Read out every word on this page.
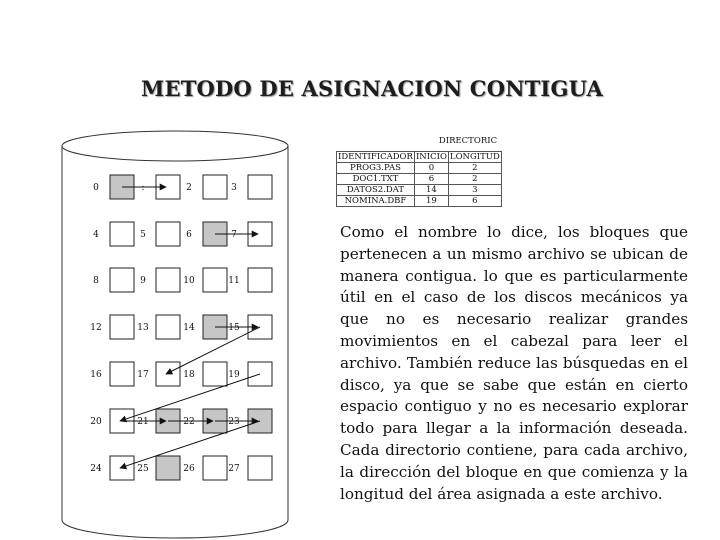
METODO DE ASIGNACION CONTIGUA
0	:	2	3
4	5	6	7
8	9	10	11
12	13	14	15
16	17	18	19
20	21	22	23
24	25	26	27
DIRECTORIC
IDENTIFICADOR	INICIO	LONGITUD
PROG3.PAS	0	2
DOC1.TXT	6	2
DATOS2.DAT	14	3
NOMINA.DBF	19	6
Como el nombre lo dice, los bloques que pertenecen a un mismo archivo se ubican de manera contigua. lo que es particularmente útil en el caso de los discos mecánicos ya que no es necesario realizar grandes movimientos en el cabezal para leer el archivo. También reduce las búsquedas en el disco, ya que se sabe que están en cierto espacio contiguo y no es necesario explorar todo para llegar a la información deseada. Cada directorio contiene, para cada archivo, la dirección del bloque en que comienza y la longitud del área asignada a este archivo.
